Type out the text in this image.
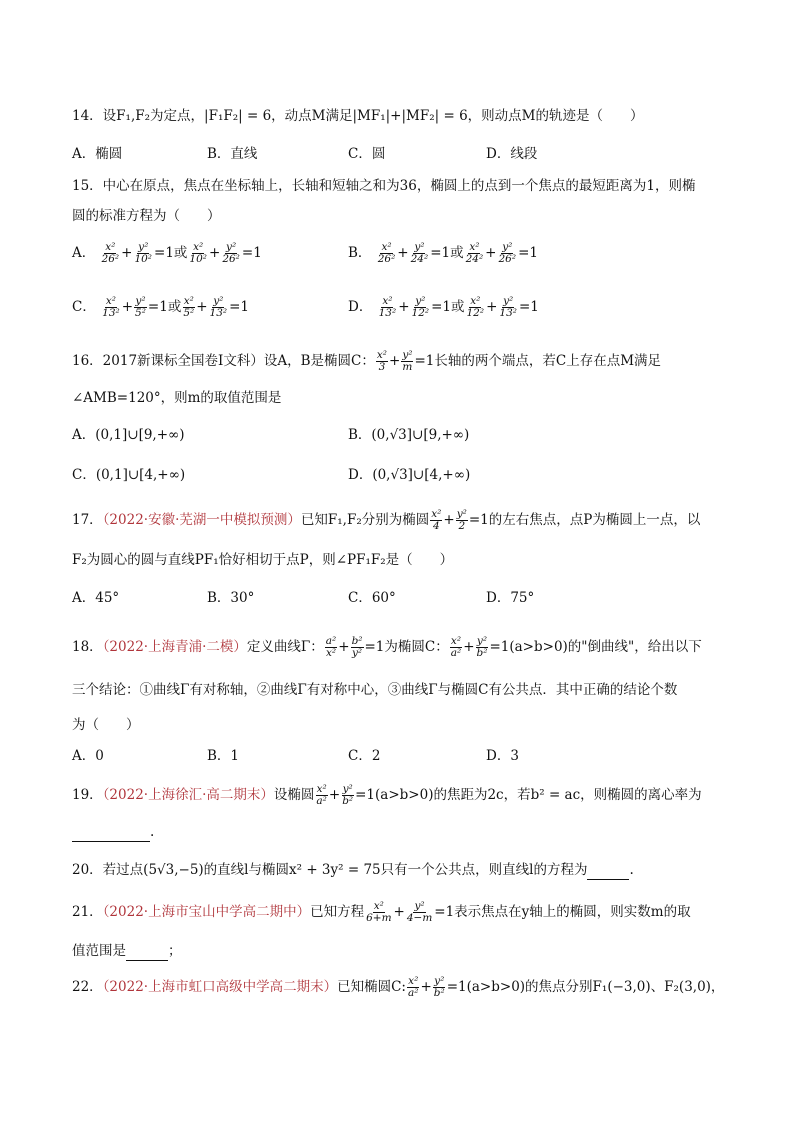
14．设F₁,F₂为定点，|F₁F₂| = 6，动点M满足|MF₁|+|MF₂| = 6，则动点M的轨迹是（　　）
A．椭圆	B．直线	C．圆	D．线段
15．中心在原点，焦点在坐标轴上，长轴和短轴之和为36，椭圆上的点到一个焦点的最短距离为1，则椭
圆的标准方程为（　　）
A． $\frac{\text{x²}}{\text{26²}} + \frac{\text{y²}}{\text{10²}} =1$或 $\frac{\text{x²}}{\text{10²}} + \frac{\text{y²}}{\text{26²}} =1$	B． $\frac{\text{x²}}{\text{26²}} + \frac{\text{y²}}{\text{24²}} =1$或 $\frac{\text{x²}}{\text{24²}} + \frac{\text{y²}}{\text{26²}} =1$
C． $\frac{\text{x²}}{\text{13²}} + \frac{\text{y²}}{\text{5²}} =1$或 $\frac{\text{x²}}{\text{5²}} + \frac{\text{y²}}{\text{13²}} =1$	D． $\frac{\text{x²}}{\text{13²}} + \frac{\text{y²}}{\text{12²}} =1$或 $\frac{\text{x²}}{\text{12²}} + \frac{\text{y²}}{\text{13²}} =1$
16．2017新课标全国卷Ⅰ文科）设A，B是椭圆C： $\frac{\text{x²}}{3} + \frac{\text{y²}}{m} =1$长轴的两个端点，若C上存在点M满足
∠AMB=120°，则m的取值范围是
A．(0,1]∪[9,+∞)	B．(0,√3]∪[9,+∞)
C．(0,1]∪[4,+∞)	D．(0,√3]∪[4,+∞)
17．（2022·安徽·芜湖一中模拟预测）已知F₁,F₂分别为椭圆 $\frac{\text{x²}}{4} + \frac{\text{y²}}{2} =1$的左右焦点，点P为椭圆上一点，以
F₂为圆心的圆与直线PF₁恰好相切于点P，则∠PF₁F₂是（　　）
A．45°	B．30°	C．60°	D．75°
18．（2022·上海青浦·二模）定义曲线Γ： $\frac{\text{a²}}{\text{x²}} + \frac{\text{b²}}{\text{y²}} =1$为椭圆C： $\frac{\text{x²}}{\text{a²}} + \frac{\text{y²}}{\text{b²}} =1(a>b>0)$的"倒曲线"，给出以下
三个结论：①曲线Γ有对称轴，②曲线Γ有对称中心，③曲线Γ与椭圆C有公共点．其中正确的结论个数
为（　　）
A．0	B．1	C．2	D．3
19．（2022·上海徐汇·高二期末）设椭圆 $\frac{\text{x²}}{\text{a²}} + \frac{\text{y²}}{\text{b²}} =1(a>b>0)$的焦距为2c，若b² = ac，则椭圆的离心率为
.
20．若过点(5√3,−5)的直线l与椭圆x² + 3y² = 75只有一个公共点，则直线l的方程为	.
21．（2022·上海市宝山中学高二期中）已知方程 $\frac{\text{x²}}{6+m} + \frac{\text{y²}}{4-m} =1$表示焦点在y轴上的椭圆，则实数m的取
值范围是	；
22．（2022·上海市虹口高级中学高二期末）已知椭圆C: $\frac{\text{x²}}{\text{a²}} + \frac{\text{y²}}{\text{b²}} =1(a>b>0)$的焦点分别F₁(−3,0)、F₂(3,0)，
